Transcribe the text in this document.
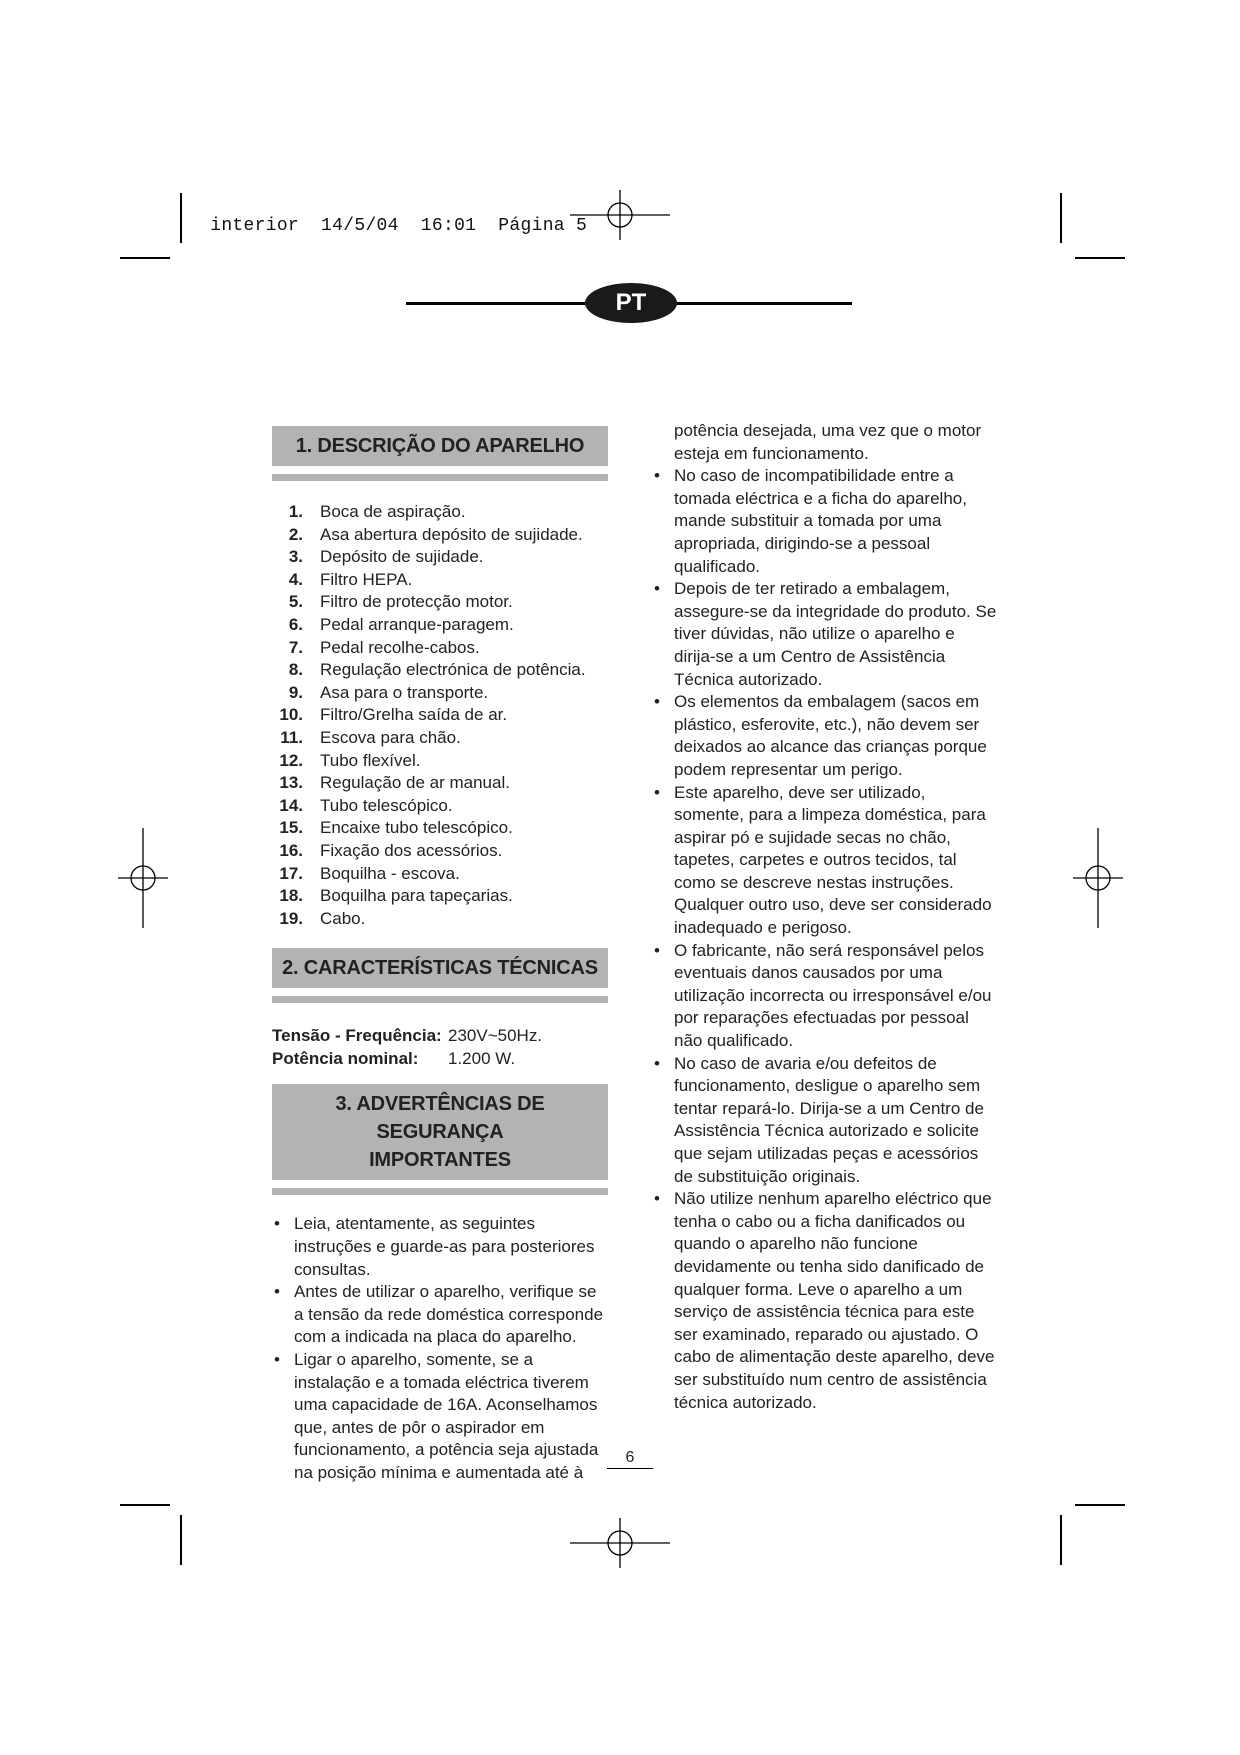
interior 14/5/04 16:01 Página 5

PT
1. DESCRIÇÃO DO APARELHO
1. Boca de aspiração.
2. Asa abertura depósito de sujidade.
3. Depósito de sujidade.
4. Filtro HEPA.
5. Filtro de protecção motor.
6. Pedal arranque-paragem.
7. Pedal recolhe-cabos.
8. Regulação electrónica de potência.
9. Asa para o transporte.
10. Filtro/Grelha saída de ar.
11. Escova para chão.
12. Tubo flexível.
13. Regulação de ar manual.
14. Tubo telescópico.
15. Encaixe tubo telescópico.
16. Fixação dos acessórios.
17. Boquilha - escova.
18. Boquilha para tapeçarias.
19. Cabo.
2. CARACTERÍSTICAS TÉCNICAS
Tensão - Frequência: 230V~50Hz.
Potência nominal:	1.200 W.
3. ADVERTÊNCIAS DE SEGURANÇA
IMPORTANTES
• Leia, atentamente, as seguintes instruções e guarde-as para posteriores consultas.
• Antes de utilizar o aparelho, verifique se a tensão da rede doméstica corresponde com a indicada na placa do aparelho.
• Ligar o aparelho, somente, se a instalação e a tomada eléctrica tiverem uma capacidade de 16A. Aconselhamos que, antes de pôr o aspirador em funcionamento, a potência seja ajustada na posição mínima e aumentada até à
potência desejada, uma vez que o motor esteja em funcionamento.
• No caso de incompatibilidade entre a tomada eléctrica e a ficha do aparelho, mande substituir a tomada por uma apropriada, dirigindo-se a pessoal qualificado.
• Depois de ter retirado a embalagem, assegure-se da integridade do produto. Se tiver dúvidas, não utilize o aparelho e dirija-se a um Centro de Assistência Técnica autorizado.
• Os elementos da embalagem (sacos em plástico, esferovite, etc.), não devem ser deixados ao alcance das crianças porque podem representar um perigo.
• Este aparelho, deve ser utilizado, somente, para a limpeza doméstica, para aspirar pó e sujidade secas no chão, tapetes, carpetes e outros tecidos, tal como se descreve nestas instruções. Qualquer outro uso, deve ser considerado inadequado e perigoso.
• O fabricante, não será responsável pelos eventuais danos causados por uma utilização incorrecta ou irresponsável e/ou por reparações efectuadas por pessoal não qualificado.
• No caso de avaria e/ou defeitos de funcionamento, desligue o aparelho sem tentar repará-lo. Dirija-se a um Centro de Assistência Técnica autorizado e solicite que sejam utilizadas peças e acessórios de substituição originais.
• Não utilize nenhum aparelho eléctrico que tenha o cabo ou a ficha danificados ou quando o aparelho não funcione devidamente ou tenha sido danificado de qualquer forma. Leve o aparelho a um serviço de assistência técnica para este ser examinado, reparado ou ajustado. O cabo de alimentação deste aparelho, deve ser substituído num centro de assistência técnica autorizado.
6
